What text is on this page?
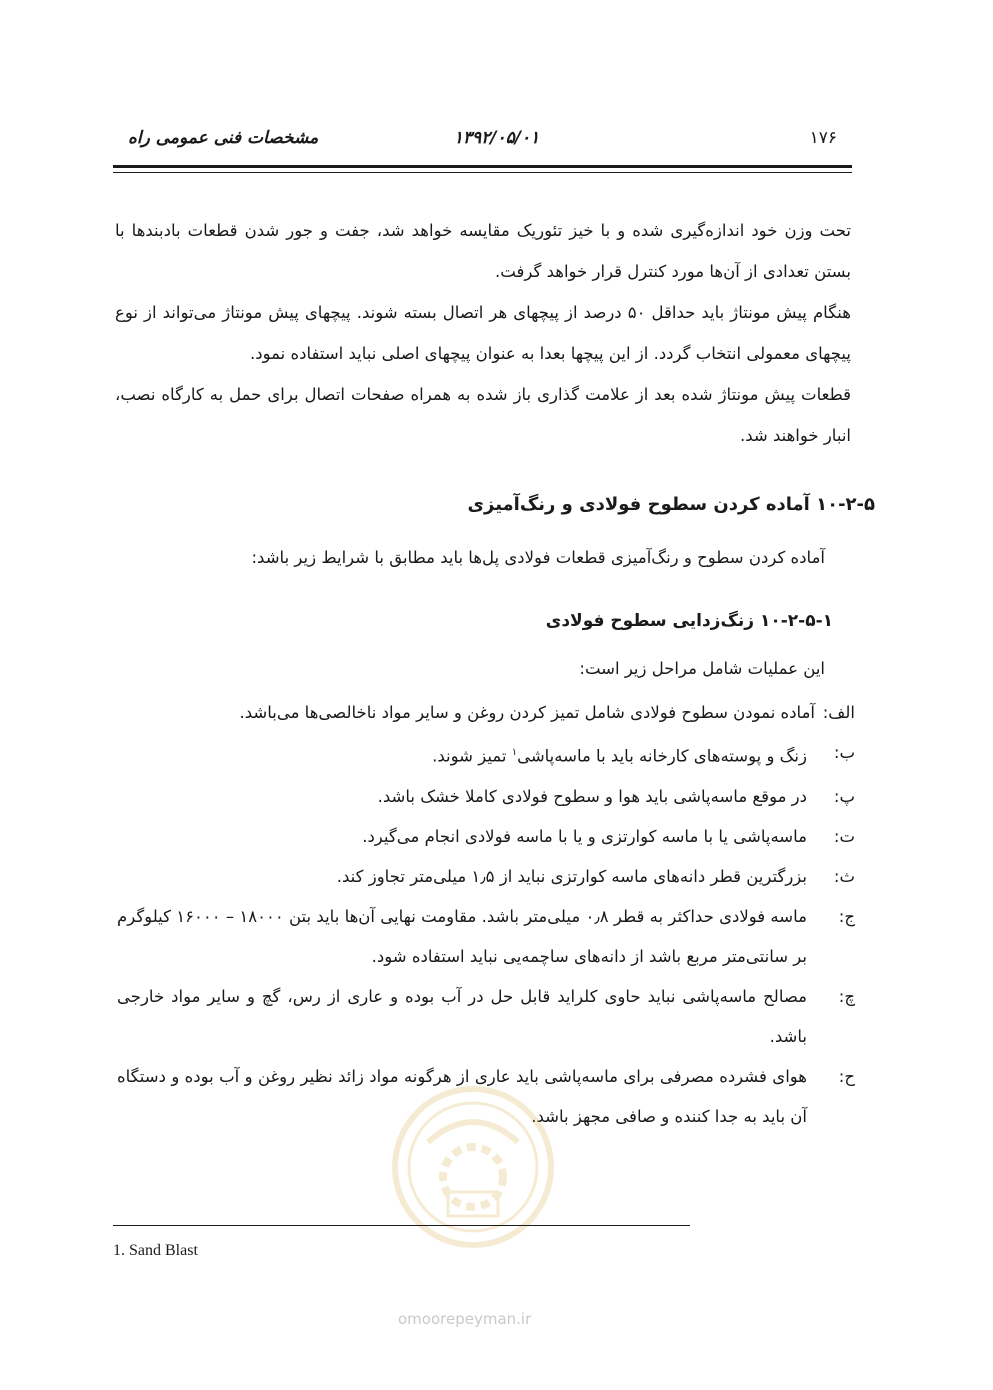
۱۷۶
۱۳۹۲/۰۵/۰۱
مشخصات فنی عمومی راه

تحت وزن خود اندازه‌گیری شده و با خیز تئوریک مقایسه خواهد شد، جفت و جور شدن قطعات بادبندها با بستن تعدادی از آن‌ها مورد کنترل قرار خواهد گرفت.

هنگام پیش مونتاژ باید حداقل ۵۰ درصد از پیچهای هر اتصال بسته شوند. پیچهای پیش مونتاژ می‌تواند از نوع پیچهای معمولی انتخاب گردد. از این پیچها بعدا به عنوان پیچهای اصلی نباید استفاده نمود.

قطعات پیش مونتاژ شده بعد از علامت گذاری باز شده به همراه صفحات اتصال برای حمل به کارگاه نصب، انبار خواهند شد.

۱۰-۲-۵ آماده کردن سطوح فولادی و رنگ‌آمیزی
آماده کردن سطوح و رنگ‌آمیزی قطعات فولادی پل‌ها باید مطابق با شرایط زیر باشد:
۱۰-۲-۵-۱ زنگ‌زدایی سطوح فولادی
این عملیات شامل مراحل زیر است:
الف:
آماده نمودن سطوح فولادی شامل تمیز کردن روغن و سایر مواد ناخالصی‌ها می‌باشد.
ب:
زنگ و پوسته‌های کارخانه باید با ماسه‌پاشی$^۱$ تمیز شوند.
پ:
در موقع ماسه‌پاشی باید هوا و سطوح فولادی کاملا خشک باشد.
ت:
ماسه‌پاشی یا با ماسه کوارتزی و یا با ماسه فولادی انجام می‌گیرد.
ث:
بزرگترین قطر دانه‌های ماسه کوارتزی نباید از ۱٫۵ میلی‌متر تجاوز کند.
ج:
ماسه فولادی حداکثر به قطر ۰٫۸ میلی‌متر باشد. مقاومت نهایی آن‌ها باید بتن ۱۸۰۰۰ – ۱۶۰۰۰ کیلوگرم بر سانتی‌متر مربع باشد از دانه‌های ساچمه‌یی نباید استفاده شود.
چ:
مصالح ماسه‌پاشی نباید حاوی کلراید قابل حل در آب بوده و عاری از رس، گچ و سایر مواد خارجی باشد.
ح:
هوای فشرده مصرفی برای ماسه‌پاشی باید عاری از هرگونه مواد زائد نظیر روغن و آب بوده و دستگاه آن باید به جدا کننده و صافی مجهز باشد.
omoorepeyman.ir
1. Sand Blast
